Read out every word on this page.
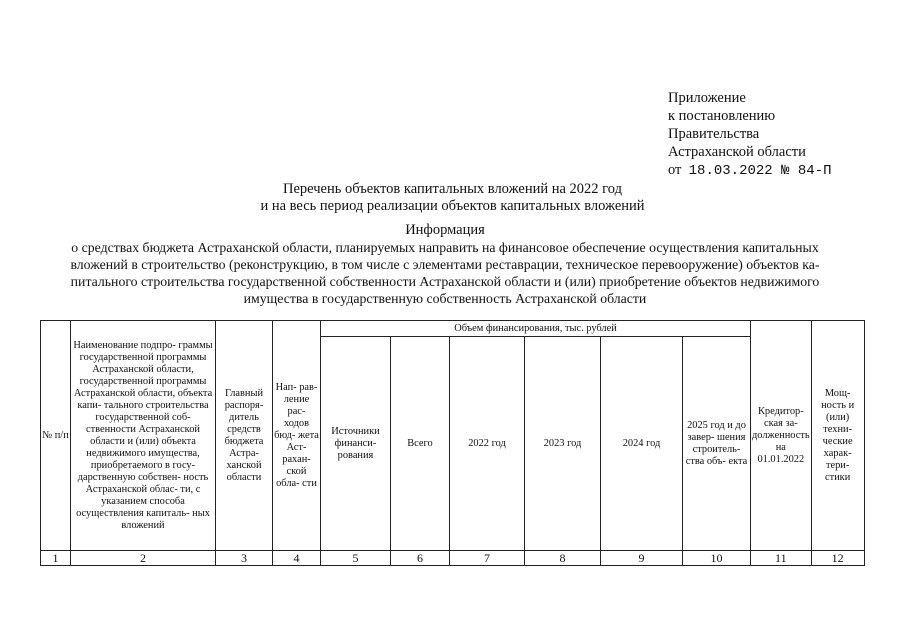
Приложение
к постановлению
Правительства
Астраханской области
от 18.03.2022 № 84-П
Перечень объектов капитальных вложений на 2022 год
и на весь период реализации объектов капитальных вложений
Информация
о средствах бюджета Астраханской области, планируемых направить на финансовое обеспечение осуществления капитальных
вложений в строительство (реконструкцию, в том числе с элементами реставрации, техническое перевооружение) объектов ка-
питального строительства государственной собственности Астраханской области и (или) приобретение объектов недвижимого
имущества в государственную собственность Астраханской области
№ п/п	Наименование подпро- граммы государственной программы Астраханской области, государственной программы Астраханской области, объекта капи- тального строительства государственной соб- ственности Астраханской области и (или) объекта недвижимого имущества, приобретаемого в госу- дарственную собствен- ность Астраханской облас- ти, с указанием способа осуществления капиталь- ных вложений	Главный распоря- дитель средств бюджета Астра- ханской области	Нап- рав- ление рас- ходов бюд- жета Аст- рахан- ской обла- сти	Объем финансирования, тыс. рублей						Кредитор- ская за- долженность на 01.01.2022	Мощ- ность и (или) техни- ческие харак- тери- стики
				Источники финанси- рования	Всего	2022 год	2023 год	2024 год	2025 год и до завер- шения строитель- ства объ- екта		
1	2	3	4	5	6	7	8	9	10	11	12
